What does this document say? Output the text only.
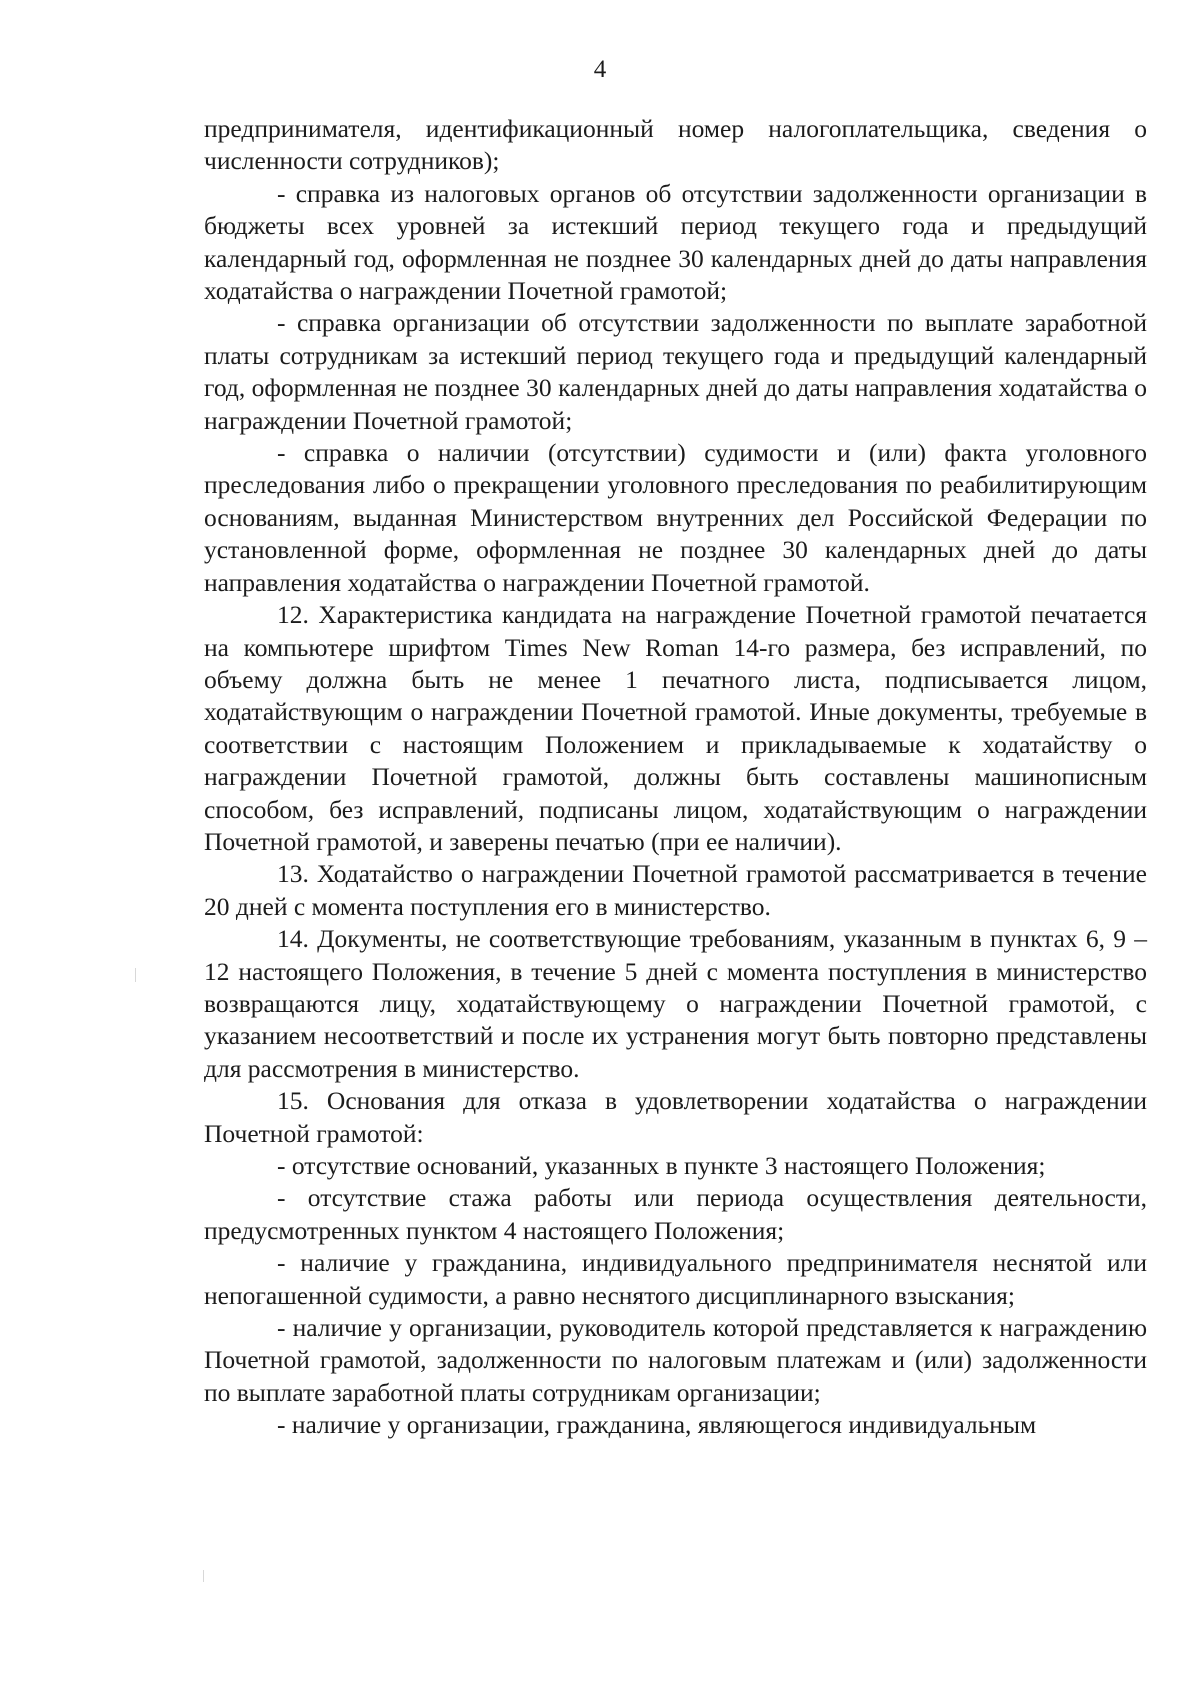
4

предпринимателя, идентификационный номер налогоплательщика, сведения о численности сотрудников);

- справка из налоговых органов об отсутствии задолженности организации в бюджеты всех уровней за истекший период текущего года и предыдущий календарный год, оформленная не позднее 30 календарных дней до даты направления ходатайства о награждении Почетной грамотой;

- справка организации об отсутствии задолженности по выплате заработной платы сотрудникам за истекший период текущего года и предыдущий календарный год, оформленная не позднее 30 календарных дней до даты направления ходатайства о награждении Почетной грамотой;

- справка о наличии (отсутствии) судимости и (или) факта уголовного преследования либо о прекращении уголовного преследования по реабилитирующим основаниям, выданная Министерством внутренних дел Российской Федерации по установленной форме, оформленная не позднее 30 календарных дней до даты направления ходатайства о награждении Почетной грамотой.

12. Характеристика кандидата на награждение Почетной грамотой печатается на компьютере шрифтом Times New Roman 14-го размера, без исправлений, по объему должна быть не менее 1 печатного листа, подписывается лицом, ходатайствующим о награждении Почетной грамотой. Иные документы, требуемые в соответствии с настоящим Положением и прикладываемые к ходатайству о награждении Почетной грамотой, должны быть составлены машинописным способом, без исправлений, подписаны лицом, ходатайствующим о награждении Почетной грамотой, и заверены печатью (при ее наличии).

13. Ходатайство о награждении Почетной грамотой рассматривается в течение 20 дней с момента поступления его в министерство.

14. Документы, не соответствующие требованиям, указанным в пунктах 6, 9 – 12 настоящего Положения, в течение 5 дней с момента поступления в министерство возвращаются лицу, ходатайствующему о награждении Почетной грамотой, с указанием несоответствий и после их устранения могут быть повторно представлены для рассмотрения в министерство.

15. Основания для отказа в удовлетворении ходатайства о награждении Почетной грамотой:

- отсутствие оснований, указанных в пункте 3 настоящего Положения;

- отсутствие стажа работы или периода осуществления деятельности, предусмотренных пунктом 4 настоящего Положения;

- наличие у гражданина, индивидуального предпринимателя неснятой или непогашенной судимости, а равно неснятого дисциплинарного взыскания;

- наличие у организации, руководитель которой представляется к награждению Почетной грамотой, задолженности по налоговым платежам и (или) задолженности по выплате заработной платы сотрудникам организации;

- наличие у организации, гражданина, являющегося индивидуальным
